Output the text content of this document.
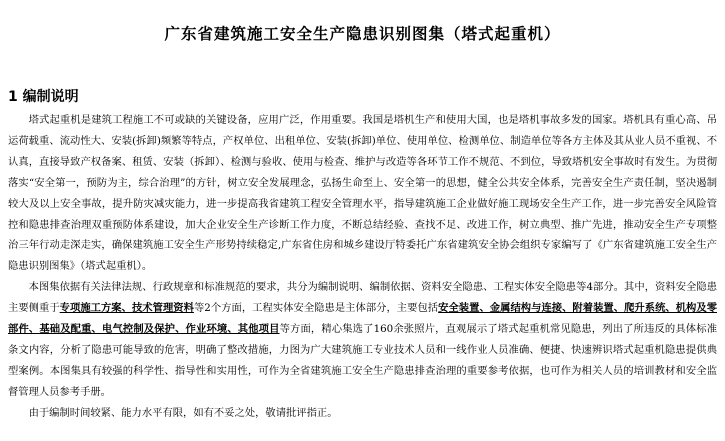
广东省建筑施工安全生产隐患识别图集（塔式起重机）
1 编制说明

塔式起重机是建筑工程施工不可或缺的关键设备，应用广泛，作用重要。我国是塔机生产和使用大国，也是塔机事故多发的国家。塔机具有重心高、吊运荷载重、流动性大、安装(拆卸)频繁等特点，产权单位、出租单位、安装(拆卸)单位、使用单位、检测单位、制造单位等各方主体及其从业人员不重视、不认真，直接导致产权备案、租赁、安装（拆卸）、检测与验收、使用与检查、维护与改造等各环节工作不规范、不到位，导致塔机安全事故时有发生。为贯彻落实“安全第一，预防为主，综合治理”的方针，树立安全发展理念，弘扬生命至上、安全第一的思想，健全公共安全体系，完善安全生产责任制，坚决遏制较大及以上安全事故，提升防灾减灾能力，进一步提高我省建筑工程安全管理水平，指导建筑施工企业做好施工现场安全生产工作，进一步完善安全风险管控和隐患排查治理双重预防体系建设，加大企业安全生产诊断工作力度，不断总结经验、查找不足、改进工作，树立典型、推广先进，推动安全生产专项整治三年行动走深走实，确保建筑施工安全生产形势持续稳定,广东省住房和城乡建设厅特委托广东省建筑安全协会组织专家编写了《广东省建筑施工安全生产隐患识别图集》（塔式起重机）。

本图集依据有关法律法规、行政规章和标准规范的要求，共分为编制说明、编制依据、资料安全隐患、工程实体安全隐患等4部分。其中，资料安全隐患主要侧重于专项施工方案、技术管理资料等2个方面，工程实体安全隐患是主体部分，主要包括安全装置、金属结构与连接、附着装置、爬升系统、机构及零部件、基础及配重、电气控制及保护、作业环境、其他项目等方面，精心集选了160余张照片，直观展示了塔式起重机常见隐患，列出了所违反的具体标准条文内容，分析了隐患可能导致的危害，明确了整改措施，力图为广大建筑施工专业技术人员和一线作业人员准确、便捷、快速辨识塔式起重机隐患提供典型案例。本图集具有较强的科学性、指导性和实用性，可作为全省建筑施工安全生产隐患排查治理的重要参考依据，也可作为相关人员的培训教材和安全监督管理人员参考手册。

由于编制时间较紧、能力水平有限，如有不妥之处，敬请批评指正。
